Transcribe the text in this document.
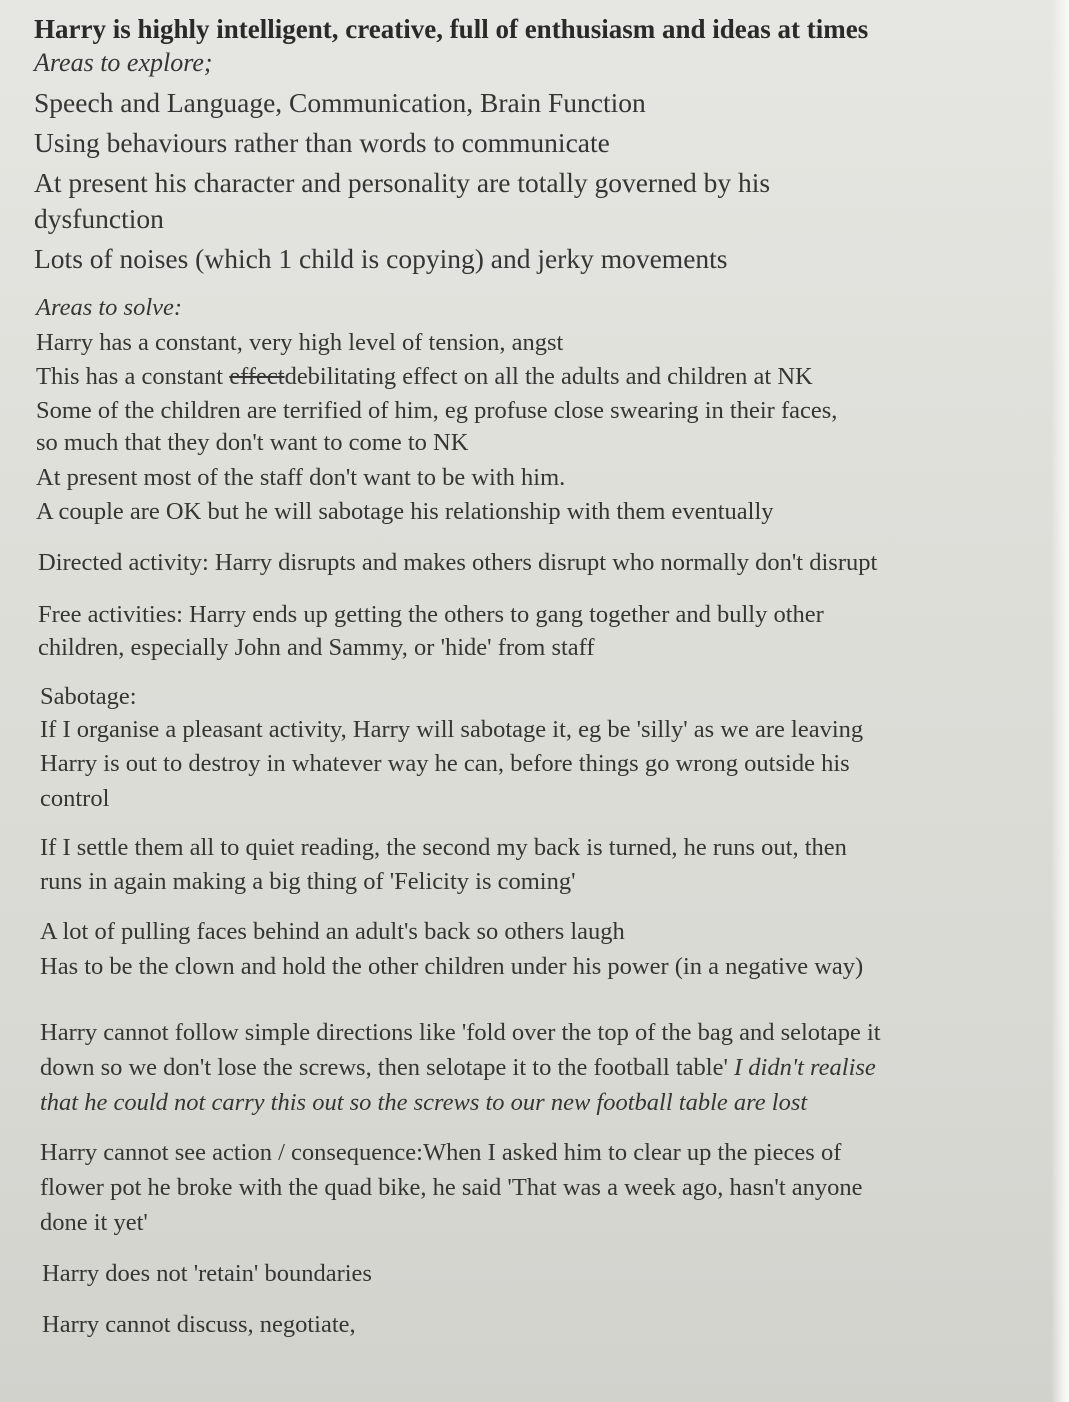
Harry is highly intelligent, creative, full of enthusiasm and ideas at times

Areas to explore;

Speech and Language, Communication, Brain Function

Using behaviours rather than words to communicate

At present his character and personality are totally governed by his

dysfunction

Lots of noises (which 1 child is copying) and jerky movements

Areas to solve:

Harry has a constant, very high level of tension, angst

This has a constant effectdebilitating effect on all the adults and children at NK

Some of the children are terrified of him, eg profuse close swearing in their faces,

so much that they don't want to come to NK

At present most of the staff don't want to be with him.

A couple are OK but he will sabotage his relationship with them eventually

Directed activity: Harry disrupts and makes others disrupt who normally don't disrupt

Free activities: Harry ends up getting the others to gang together and bully other

children, especially John and Sammy, or 'hide' from staff

Sabotage:

If I organise a pleasant activity, Harry will sabotage it, eg be 'silly' as we are leaving

Harry is out to destroy in whatever way he can, before things go wrong outside his

control

If I settle them all to quiet reading, the second my back is turned, he runs out, then

runs in again making a big thing of 'Felicity is coming'

A lot of pulling faces behind an adult's back so others laugh

Has to be the clown and hold the other children under his power (in a negative way)

Harry cannot follow simple directions like 'fold over the top of the bag and selotape it

down so we don't lose the screws, then selotape it to the football table' I didn't realise

that he could not carry this out so the screws to our new football table are lost

Harry cannot see action / consequence:When I asked him to clear up the pieces of

flower pot he broke with the quad bike, he said 'That was a week ago, hasn't anyone

done it yet'

Harry does not 'retain' boundaries

Harry cannot discuss, negotiate,
